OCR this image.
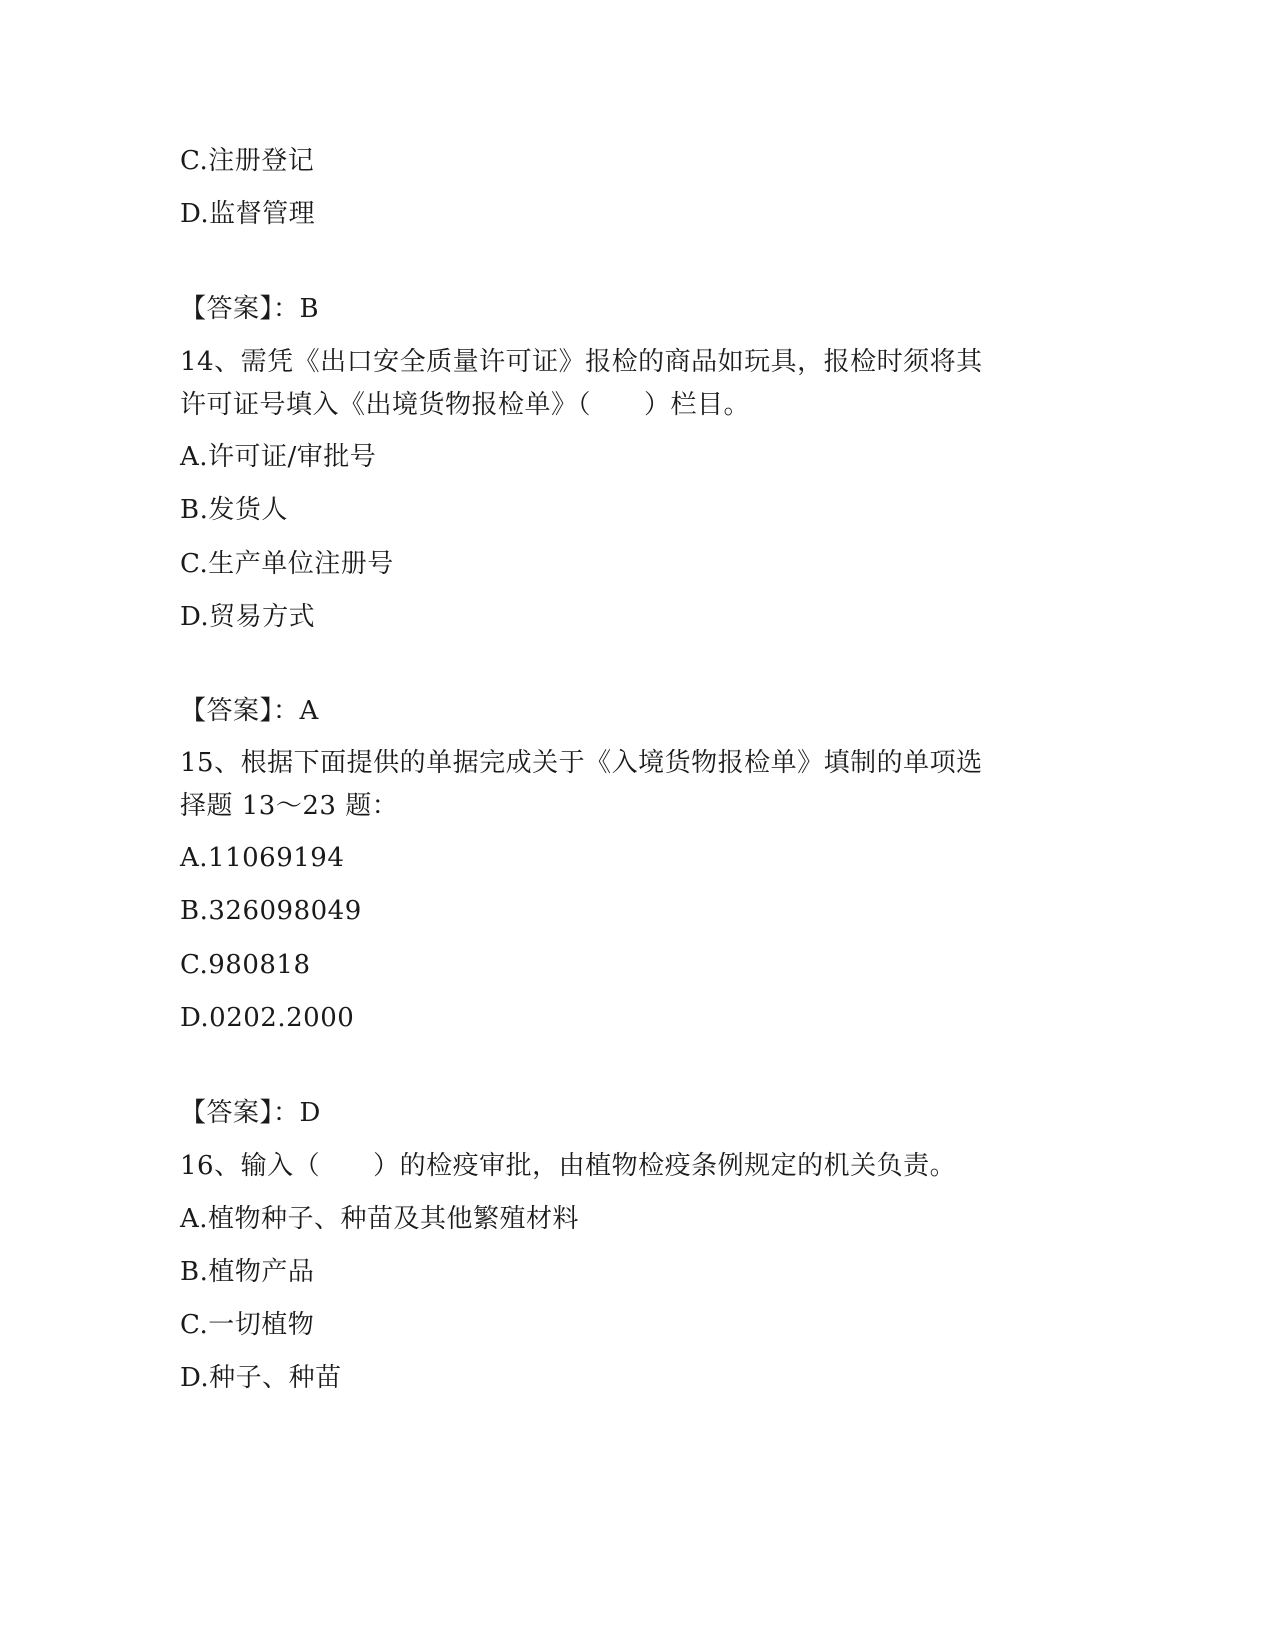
C.注册登记
D.监督管理
【答案】：B
14、需凭《出口安全质量许可证》报检的商品如玩具，报检时须将其
许可证号填入《出境货物报检单》（　　）栏目。
A.许可证/审批号
B.发货人
C.生产单位注册号
D.贸易方式
【答案】：A
15、根据下面提供的单据完成关于《入境货物报检单》填制的单项选
择题 13～23 题：
A.11069194
B.326098049
C.980818
D.0202.2000
【答案】：D
16、输入（　　）的检疫审批，由植物检疫条例规定的机关负责。
A.植物种子、种苗及其他繁殖材料
B.植物产品
C.一切植物
D.种子、种苗
